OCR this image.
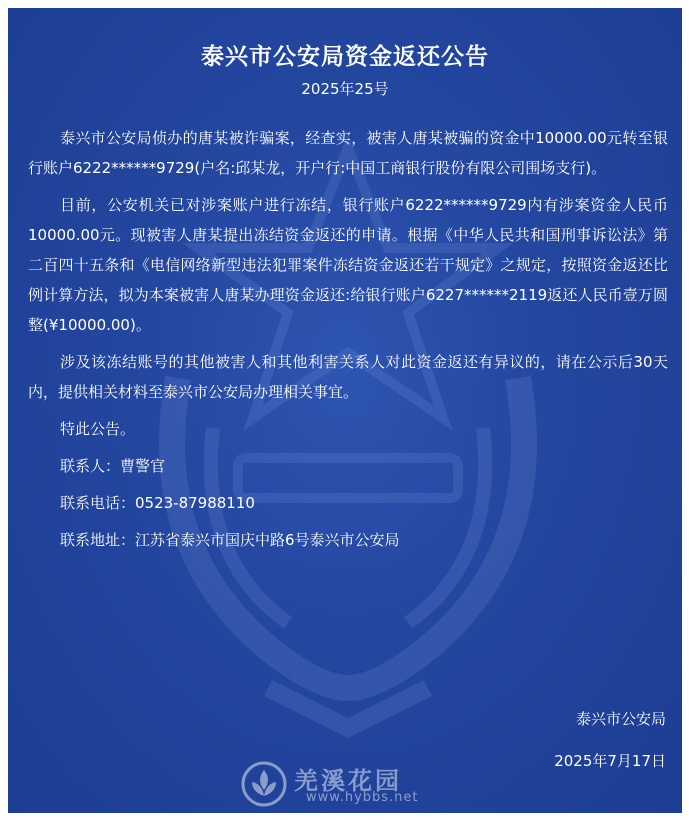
泰兴市公安局资金返还公告
2025年25号

泰兴市公安局侦办的唐某被诈骗案，经查实，被害人唐某被骗的资金中10000.00元转至银行账户6222******9729(户名:邱某龙，开户行:中国工商银行股份有限公司围场支行)。

目前，公安机关已对涉案账户进行冻结，银行账户6222******9729内有涉案资金人民币10000.00元。现被害人唐某提出冻结资金返还的申请。根据《中华人民共和国刑事诉讼法》第二百四十五条和《电信网络新型违法犯罪案件冻结资金返还若干规定》之规定，按照资金返还比例计算方法，拟为本案被害人唐某办理资金返还:给银行账户6227******2119返还人民币壹万圆整(¥10000.00)。

涉及该冻结账号的其他被害人和其他利害关系人对此资金返还有异议的，请在公示后30天内，提供相关材料至泰兴市公安局办理相关事宜。

特此公告。

联系人：曹警官

联系电话：0523-87988110

联系地址：江苏省泰兴市国庆中路6号泰兴市公安局

泰兴市公安局
2025年7月17日
羌溪花园
www.hybbs.net
